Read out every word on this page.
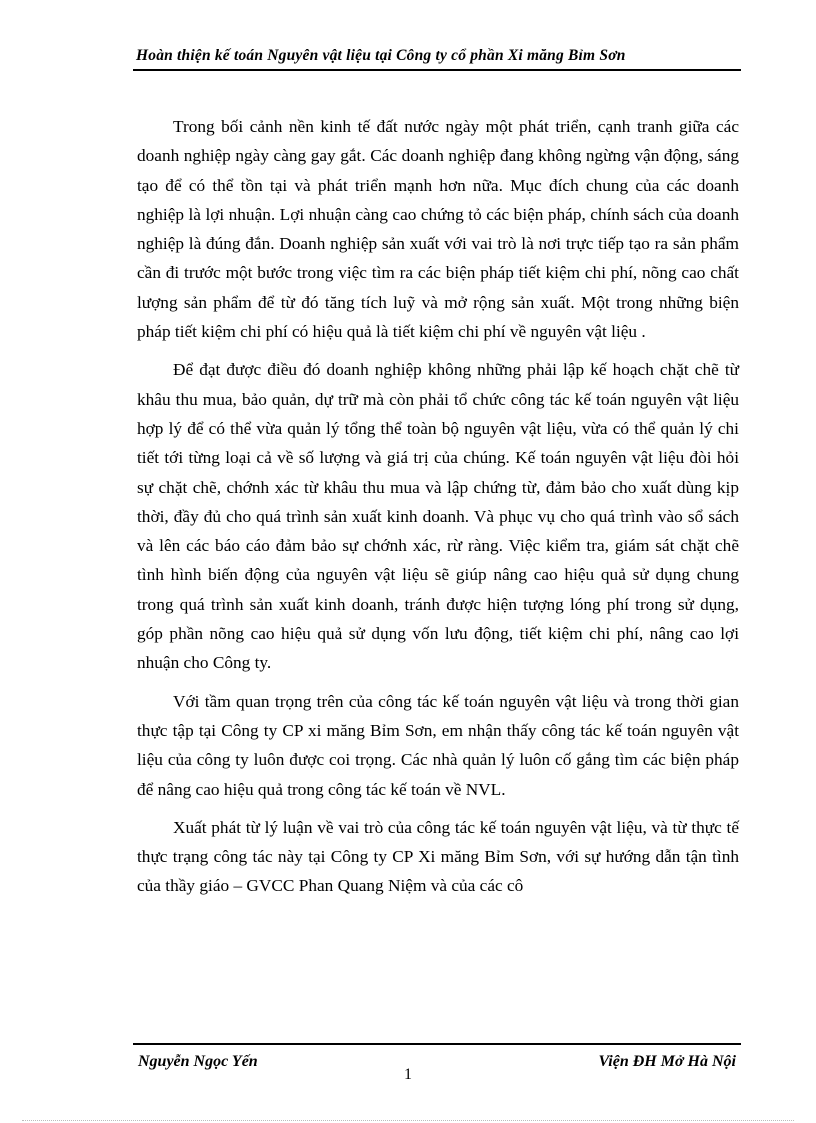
Hoàn thiện kế toán Nguyên vật liệu tại Công ty cổ phần Xi măng Bỉm Sơn

Trong bối cảnh nền kinh tế đất nước ngày một phát triển, cạnh tranh giữa các doanh nghiệp ngày càng gay gắt. Các doanh nghiệp đang không ngừng vận động, sáng tạo để có thể tồn tại và phát triển mạnh hơn nữa. Mục đích chung của các doanh nghiệp là lợi nhuận. Lợi nhuận càng cao chứng tỏ các biện pháp, chính sách của doanh nghiệp là đúng đắn. Doanh nghiệp sản xuất với vai trò là nơi trực tiếp tạo ra sản phẩm cần đi trước một bước trong việc tìm ra các biện pháp tiết kiệm chi phí, nõng cao chất lượng sản phẩm để từ đó tăng tích luỹ và mở rộng sản xuất. Một trong những biện pháp tiết kiệm chi phí có hiệu quả là tiết kiệm chi phí về nguyên vật liệu .

Để đạt được điều đó doanh nghiệp không những phải lập kế hoạch chặt chẽ từ khâu thu mua, bảo quản, dự trữ mà còn phải tổ chức công tác kế toán nguyên vật liệu hợp lý để có thể vừa quản lý tổng thể toàn bộ nguyên vật liệu, vừa có thể quản lý chi tiết tới từng loại cả về số lượng và giá trị của chúng. Kế toán nguyên vật liệu đòi hỏi sự chặt chẽ, chớnh xác từ khâu thu mua và lập chứng từ, đảm bảo cho xuất dùng kịp thời, đầy đủ cho quá trình sản xuất kinh doanh. Và phục vụ cho quá trình vào sổ sách và lên các báo cáo đảm bảo sự chớnh xác, rừ ràng. Việc kiểm tra, giám sát chặt chẽ tình hình biến động của nguyên vật liệu sẽ giúp nâng cao hiệu quả sử dụng chung trong quá trình sản xuất kinh doanh, tránh được hiện tượng lóng phí trong sử dụng, góp phần nõng cao hiệu quả sử dụng vốn lưu động, tiết kiệm chi phí, nâng cao lợi nhuận cho Công ty.

Với tầm quan trọng trên của công tác kế toán nguyên vật liệu và trong thời gian thực tập tại Công ty CP xi măng Bỉm Sơn, em nhận thấy công tác kế toán nguyên vật liệu của công ty luôn được coi trọng. Các nhà quản lý luôn cố gắng tìm các biện pháp để nâng cao hiệu quả trong công tác kế toán về NVL.

Xuất phát từ lý luận về vai trò của công tác kế toán nguyên vật liệu, và từ thực tế thực trạng công tác này tại Công ty CP Xi măng Bỉm Sơn, với sự hướng dẫn tận tình của thầy giáo – GVCC Phan Quang Niệm và của các cô

Nguyễn Ngọc Yến	Viện ĐH Mở Hà Nội
1
